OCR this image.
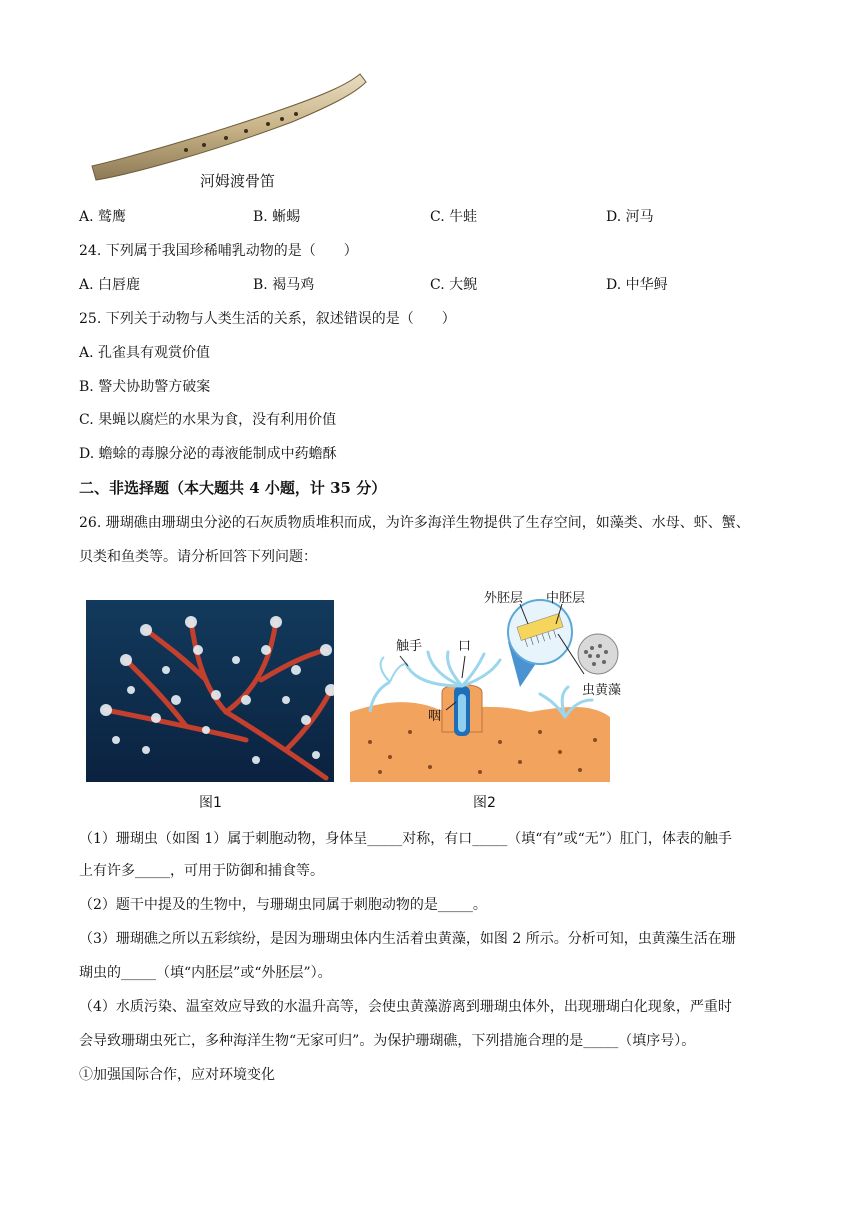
河姆渡骨笛
A. 鹫鹰	B. 蜥蜴	C. 牛蛙	D. 河马
24. 下列属于我国珍稀哺乳动物的是（　　）
A. 白唇鹿	B. 褐马鸡	C. 大鲵	D. 中华鲟
25. 下列关于动物与人类生活的关系，叙述错误的是（　　）
A. 孔雀具有观赏价值
B. 警犬协助警方破案
C. 果蝇以腐烂的水果为食，没有利用价值
D. 蟾蜍的毒腺分泌的毒液能制成中药蟾酥
二、非选择题（本大题共 4 小题，计 35 分）
26. 珊瑚礁由珊瑚虫分泌的石灰质物质堆积而成，为许多海洋生物提供了生存空间，如藻类、水母、虾、蟹、
贝类和鱼类等。请分析回答下列问题：
图1
外胚层 中胚层
触手	口
虫黄藻
咽
图2
（1）珊瑚虫（如图 1）属于刺胞动物，身体呈_____对称，有口_____（填“有”或“无”）肛门，体表的触手
上有许多_____，可用于防御和捕食等。
（2）题干中提及的生物中，与珊瑚虫同属于刺胞动物的是_____。
（3）珊瑚礁之所以五彩缤纷，是因为珊瑚虫体内生活着虫黄藻，如图 2 所示。分析可知，虫黄藻生活在珊
瑚虫的_____（填“内胚层”或“外胚层”）。
（4）水质污染、温室效应导致的水温升高等，会使虫黄藻游离到珊瑚虫体外，出现珊瑚白化现象，严重时
会导致珊瑚虫死亡，多种海洋生物“无家可归”。为保护珊瑚礁，下列措施合理的是_____（填序号）。
①加强国际合作，应对环境变化
